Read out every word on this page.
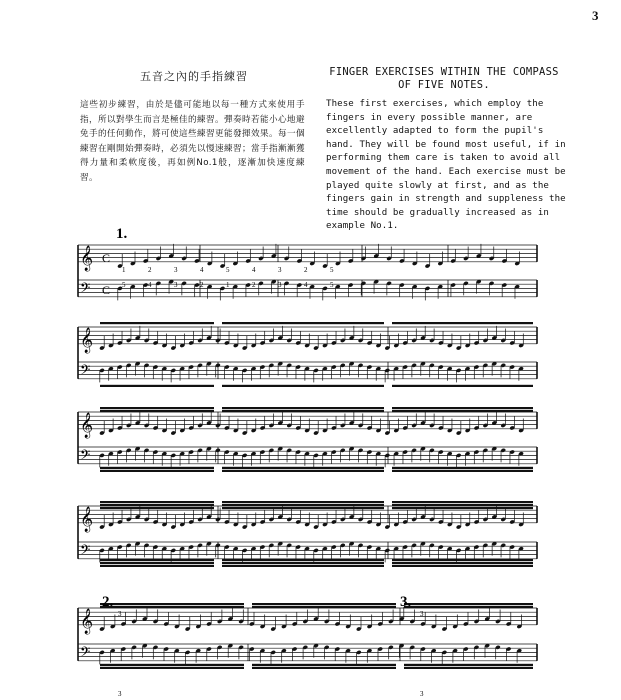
3
五音之內的手指練習
這些初步練習，由於是儘可能地以每一種方式來使用手指，所以對學生而言是極佳的練習。彈奏時若能小心地避免手的任何動作，將可使這些練習更能發揮效果。每一個練習在剛開始彈奏時，必須先以慢速練習；當手指漸漸獲得力量和柔軟度後，再如例No.1般，逐漸加快速度練習。
FINGER EXERCISES WITHIN THE COMPASS OF FIVE NOTES.
These first exercises, which employ the fingers in every possible manner, are excellently adapted to form the pupil's hand. They will be found most useful, if in performing them care is taken to avoid all movement of the hand. Each exercise must be played quite slowly at first, and as the fingers gain in strength and suppleness the time should be gradually increased as in example No.1.
𝄞
𝄢
𝄞
𝄢
𝄞
𝄢
𝄞
𝄢
𝄞
𝄢
1.
2.	3.
C
C
3	3
3	3
1	2	3	4	5	4	3	2	5
5	4	3	2	1	2	3	4	5
